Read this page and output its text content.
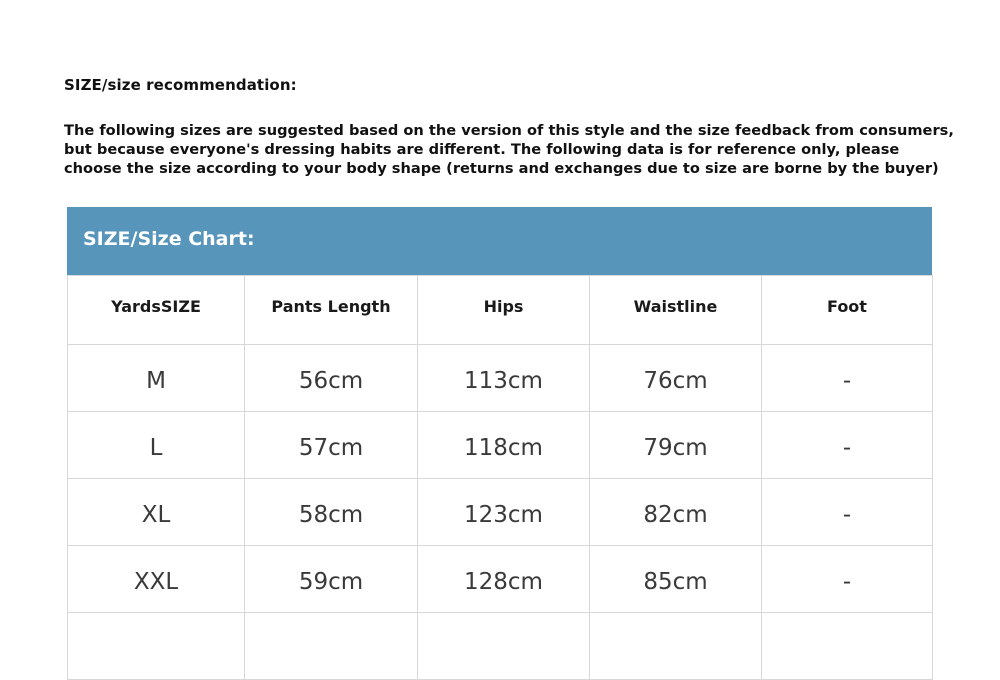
SIZE/size recommendation:
The following sizes are suggested based on the version of this style and the size feedback from consumers,
but because everyone's dressing habits are different. The following data is for reference only, please
choose the size according to your body shape (returns and exchanges due to size are borne by the buyer)
SIZE/Size Chart:
YardsSIZE	Pants Length	Hips	Waistline	Foot
M	56cm	113cm	76cm	-
L	57cm	118cm	79cm	-
XL	58cm	123cm	82cm	-
XXL	59cm	128cm	85cm	-
